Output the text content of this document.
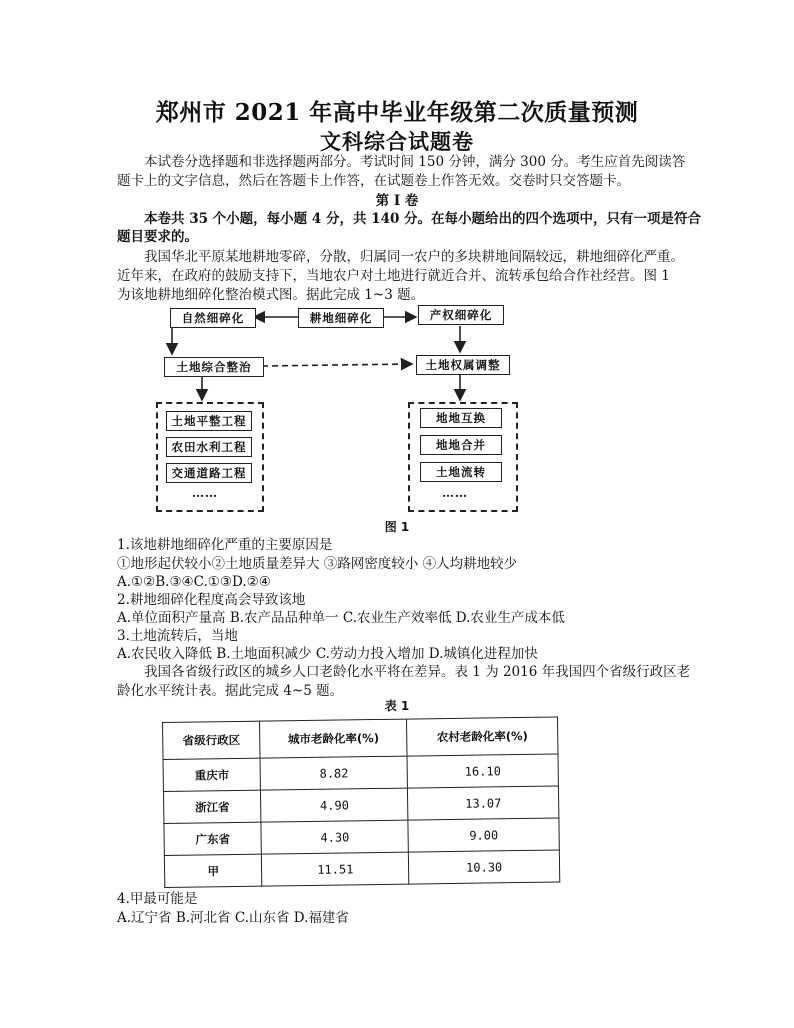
郑州市 2021 年高中毕业年级第二次质量预测
文科综合试题卷
本试卷分选择题和非选择题两部分。考试时间 150 分钟，满分 300 分。考生应首先阅读答
题卡上的文字信息，然后在答题卡上作答，在试题卷上作答无效。交卷时只交答题卡。
第 I 卷
本卷共 35 个小题，每小题 4 分，共 140 分。在每小题给出的四个选项中，只有一项是符合
题目要求的。
我国华北平原某地耕地零碎，分散，归属同一农户的多块耕地间隔较远，耕地细碎化严重。
近年来，在政府的鼓励支持下，当地农户对土地进行就近合并、流转承包给合作社经营。图 1
为该地耕地细碎化整治模式图。据此完成 1~3 题。
自然细碎化	耕地细碎化	产权细碎化
土地综合整治	土地权属调整
土地平整工程
农田水利工程
交通道路工程
……
地地互换
地地合并
土地流转
……
图 1
1.该地耕地细碎化严重的主要原因是
①地形起伏较小②土地质量差异大 ③路网密度较小 ④人均耕地较少
A.①②B.③④C.①③D.②④
2.耕地细碎化程度高会导致该地
A.单位面积产量高 B.农产品品种单一 C.农业生产效率低 D.农业生产成本低
3.土地流转后，当地
A.农民收入降低 B.土地面积减少 C.劳动力投入增加 D.城镇化进程加快
我国各省级行政区的城乡人口老龄化水平将在差异。表 1 为 2016 年我国四个省级行政区老
龄化水平统计表。据此完成 4~5 题。
表 1
省级行政区	城市老龄化率(%)	农村老龄化率(%)
重庆市	8.82	16.10
浙江省	4.90	13.07
广东省	4.30	9.00
甲	11.51	10.30
4.甲最可能是
A.辽宁省 B.河北省 C.山东省 D.福建省
